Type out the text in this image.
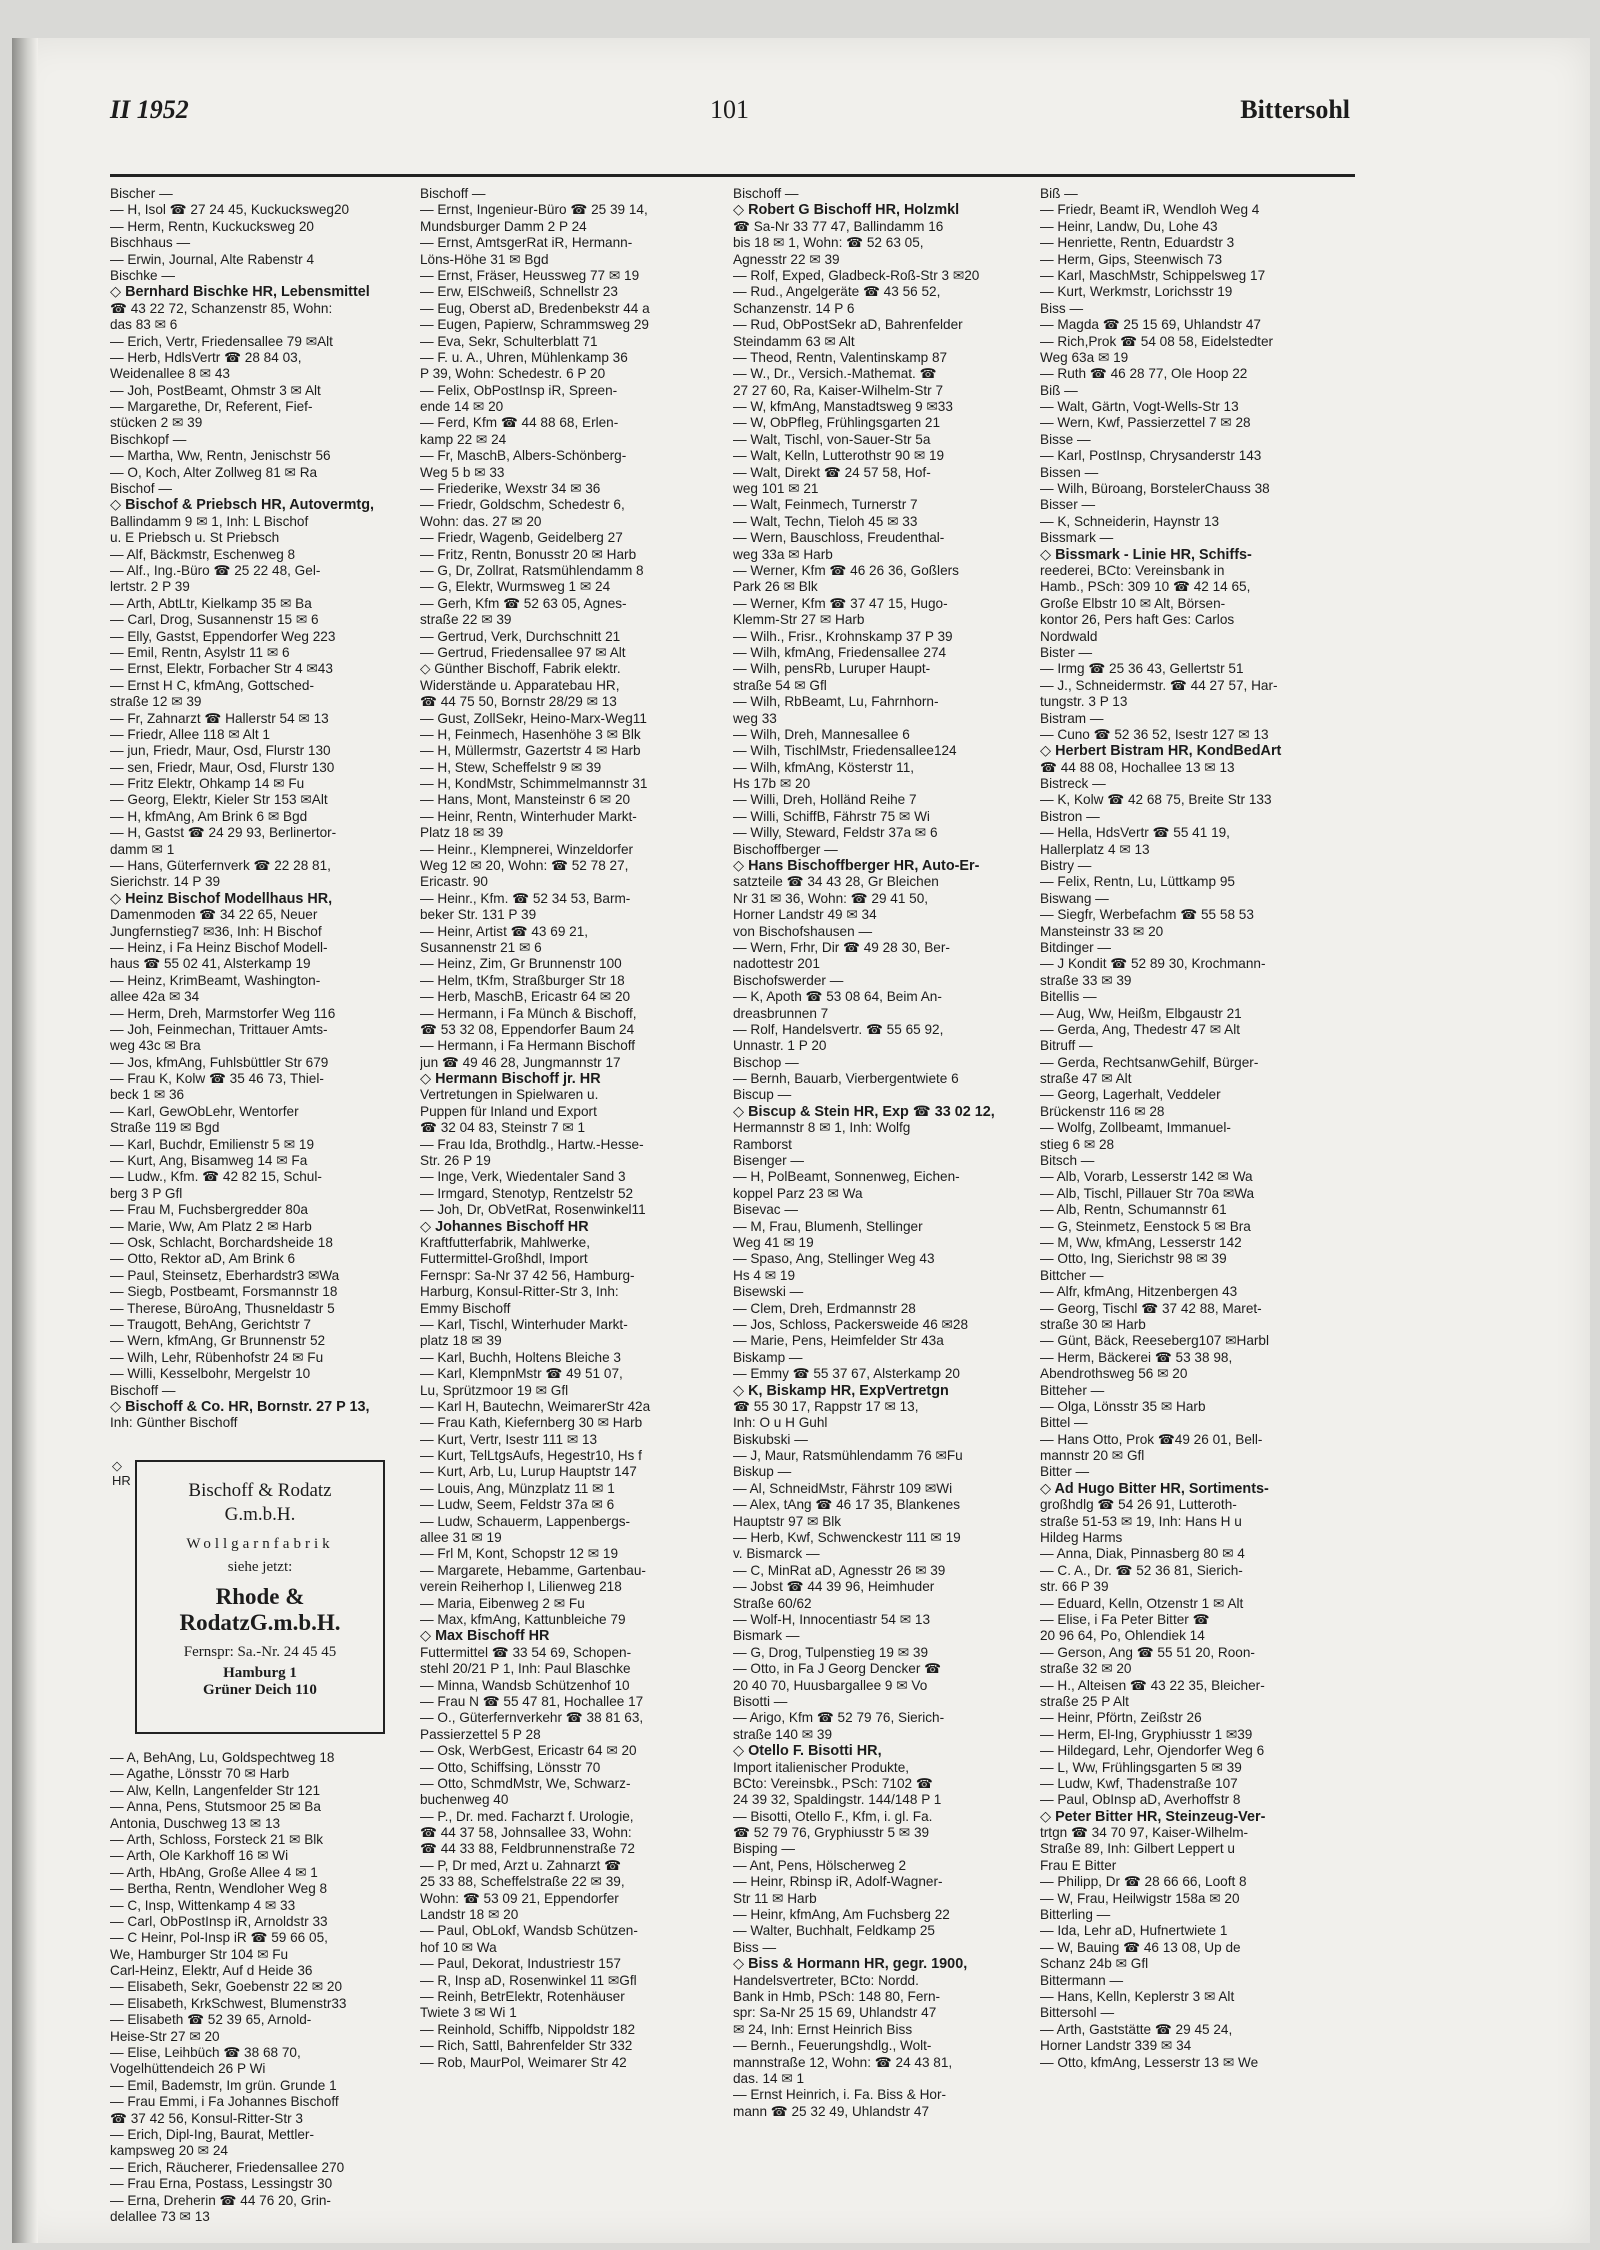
II 1952	101	Bittersohl
Bischer —
— H, Isol ☎ 27 24 45, Kuckucksweg20
— Herm, Rentn, Kuckucksweg 20
Bischhaus —
— Erwin, Journal, Alte Rabenstr 4
Bischke —
◇ Bernhard Bischke HR, Lebensmittel
☎ 43 22 72, Schanzenstr 85, Wohn:
das 83 ✉ 6
— Erich, Vertr, Friedensallee 79 ✉Alt
— Herb, HdlsVertr ☎ 28 84 03,
Weidenallee 8 ✉ 43
— Joh, PostBeamt, Ohmstr 3 ✉ Alt
— Margarethe, Dr, Referent, Fief-
stücken 2 ✉ 39
Bischkopf —
— Martha, Ww, Rentn, Jenischstr 56
— O, Koch, Alter Zollweg 81 ✉ Ra
Bischof —
◇ Bischof & Priebsch HR, Autovermtg,
Ballindamm 9 ✉ 1, Inh: L Bischof
u. E Priebsch u. St Priebsch
— Alf, Bäckmstr, Eschenweg 8
— Alf., Ing.-Büro ☎ 25 22 48, Gel-
lertstr. 2 P 39
— Arth, AbtLtr, Kielkamp 35 ✉ Ba
— Carl, Drog, Susannenstr 15 ✉ 6
— Elly, Gastst, Eppendorfer Weg 223
— Emil, Rentn, Asylstr 11 ✉ 6
— Ernst, Elektr, Forbacher Str 4 ✉43
— Ernst H C, kfmAng, Gottsched-
straße 12 ✉ 39
— Fr, Zahnarzt ☎ Hallerstr 54 ✉ 13
— Friedr, Allee 118 ✉ Alt 1
— jun, Friedr, Maur, Osd, Flurstr 130
— sen, Friedr, Maur, Osd, Flurstr 130
— Fritz Elektr, Ohkamp 14 ✉ Fu
— Georg, Elektr, Kieler Str 153 ✉Alt
— H, kfmAng, Am Brink 6 ✉ Bgd
— H, Gastst ☎ 24 29 93, Berlinertor-
damm ✉ 1
— Hans, Güterfernverk ☎ 22 28 81,
Sierichstr. 14 P 39
◇ Heinz Bischof Modellhaus HR,
Damenmoden ☎ 34 22 65, Neuer
Jungfernstieg7 ✉36, Inh: H Bischof
— Heinz, i Fa Heinz Bischof Modell-
haus ☎ 55 02 41, Alsterkamp 19
— Heinz, KrimBeamt, Washington-
allee 42a ✉ 34
— Herm, Dreh, Marmstorfer Weg 116
— Joh, Feinmechan, Trittauer Amts-
weg 43c ✉ Bra
— Jos, kfmAng, Fuhlsbüttler Str 679
— Frau K, Kolw ☎ 35 46 73, Thiel-
beck 1 ✉ 36
— Karl, GewObLehr, Wentorfer
Straße 119 ✉ Bgd
— Karl, Buchdr, Emilienstr 5 ✉ 19
— Kurt, Ang, Bisamweg 14 ✉ Fa
— Ludw., Kfm. ☎ 42 82 15, Schul-
berg 3 P Gfl
— Frau M, Fuchsbergredder 80a
— Marie, Ww, Am Platz 2 ✉ Harb
— Osk, Schlacht, Borchardsheide 18
— Otto, Rektor aD, Am Brink 6
— Paul, Steinsetz, Eberhardstr3 ✉Wa
— Siegb, Postbeamt, Forsmannstr 18
— Therese, BüroAng, Thusneldastr 5
— Traugott, BehAng, Gerichtstr 7
— Wern, kfmAng, Gr Brunnenstr 52
— Wilh, Lehr, Rübenhofstr 24 ✉ Fu
— Willi, Kesselbohr, Mergelstr 10
Bischoff —
◇ Bischoff & Co. HR, Bornstr. 27 P 13,
Inh: Günther Bischoff
— A, BehAng, Lu, Goldspechtweg 18
— Agathe, Lönsstr 70 ✉ Harb
— Alw, Kelln, Langenfelder Str 121
— Anna, Pens, Stutsmoor 25 ✉ Ba
Antonia, Duschweg 13 ✉ 13
— Arth, Schloss, Forsteck 21 ✉ Blk
— Arth, Ole Karkhoff 16 ✉ Wi
— Arth, HbAng, Große Allee 4 ✉ 1
— Bertha, Rentn, Wendloher Weg 8
— C, Insp, Wittenkamp 4 ✉ 33
— Carl, ObPostInsp iR, Arnoldstr 33
— C Heinr, Pol-Insp iR ☎ 59 66 05,
We, Hamburger Str 104 ✉ Fu
Carl-Heinz, Elektr, Auf d Heide 36
— Elisabeth, Sekr, Goebenstr 22 ✉ 20
— Elisabeth, KrkSchwest, Blumenstr33
— Elisabeth ☎ 52 39 65, Arnold-
Heise-Str 27 ✉ 20
— Elise, Leihbüch ☎ 38 68 70,
Vogelhüttendeich 26 P Wi
— Emil, Bademstr, Im grün. Grunde 1
— Frau Emmi, i Fa Johannes Bischoff
☎ 37 42 56, Konsul-Ritter-Str 3
— Erich, Dipl-Ing, Baurat, Mettler-
kampsweg 20 ✉ 24
— Erich, Räucherer, Friedensallee 270
— Frau Erna, Postass, Lessingstr 30
— Erna, Dreherin ☎ 44 76 20, Grin-
delallee 73 ✉ 13
Bischoff —
— Ernst, Ingenieur-Büro ☎ 25 39 14,
Mundsburger Damm 2 P 24
— Ernst, AmtsgerRat iR, Hermann-
Löns-Höhe 31 ✉ Bgd
— Ernst, Fräser, Heussweg 77 ✉ 19
— Erw, ElSchweiß, Schnellstr 23
— Eug, Oberst aD, Bredenbekstr 44 a
— Eugen, Papierw, Schrammsweg 29
— Eva, Sekr, Schulterblatt 71
— F. u. A., Uhren, Mühlenkamp 36
P 39, Wohn: Schedestr. 6 P 20
— Felix, ObPostInsp iR, Spreen-
ende 14 ✉ 20
— Ferd, Kfm ☎ 44 88 68, Erlen-
kamp 22 ✉ 24
— Fr, MaschB, Albers-Schönberg-
Weg 5 b ✉ 33
— Friederike, Wexstr 34 ✉ 36
— Friedr, Goldschm, Schedestr 6,
Wohn: das. 27 ✉ 20
— Friedr, Wagenb, Geidelberg 27
— Fritz, Rentn, Bonusstr 20 ✉ Harb
— G, Dr, Zollrat, Ratsmühlendamm 8
— G, Elektr, Wurmsweg 1 ✉ 24
— Gerh, Kfm ☎ 52 63 05, Agnes-
straße 22 ✉ 39
— Gertrud, Verk, Durchschnitt 21
— Gertrud, Friedensallee 97 ✉ Alt
◇ Günther Bischoff, Fabrik elektr.
Widerstände u. Apparatebau HR,
☎ 44 75 50, Bornstr 28/29 ✉ 13
— Gust, ZollSekr, Heino-Marx-Weg11
— H, Feinmech, Hasenhöhe 3 ✉ Blk
— H, Müllermstr, Gazertstr 4 ✉ Harb
— H, Stew, Scheffelstr 9 ✉ 39
— H, KondMstr, Schimmelmannstr 31
— Hans, Mont, Mansteinstr 6 ✉ 20
— Heinr, Rentn, Winterhuder Markt-
Platz 18 ✉ 39
— Heinr., Klempnerei, Winzeldorfer
Weg 12 ✉ 20, Wohn: ☎ 52 78 27,
Ericastr. 90
— Heinr., Kfm. ☎ 52 34 53, Barm-
beker Str. 131 P 39
— Heinr, Artist ☎ 43 69 21,
Susannenstr 21 ✉ 6
— Heinz, Zim, Gr Brunnenstr 100
— Helm, tKfm, Straßburger Str 18
— Herb, MaschB, Ericastr 64 ✉ 20
— Hermann, i Fa Münch & Bischoff,
☎ 53 32 08, Eppendorfer Baum 24
— Hermann, i Fa Hermann Bischoff
jun ☎ 49 46 28, Jungmannstr 17
◇ Hermann Bischoff jr. HR
Vertretungen in Spielwaren u.
Puppen für Inland und Export
☎ 32 04 83, Steinstr 7 ✉ 1
— Frau Ida, Brothdlg., Hartw.-Hesse-
Str. 26 P 19
— Inge, Verk, Wiedentaler Sand 3
— Irmgard, Stenotyp, Rentzelstr 52
— Joh, Dr, ObVetRat, Rosenwinkel11
◇ Johannes Bischoff HR
Kraftfutterfabrik, Mahlwerke,
Futtermittel-Großhdl, Import
Fernspr: Sa-Nr 37 42 56, Hamburg-
Harburg, Konsul-Ritter-Str 3, Inh:
Emmy Bischoff
— Karl, Tischl, Winterhuder Markt-
platz 18 ✉ 39
— Karl, Buchh, Holtens Bleiche 3
— Karl, KlempnMstr ☎ 49 51 07,
Lu, Sprützmoor 19 ✉ Gfl
— Karl H, Bautechn, WeimarerStr 42a
— Frau Kath, Kiefernberg 30 ✉ Harb
— Kurt, Vertr, Isestr 111 ✉ 13
— Kurt, TelLtgsAufs, Hegestr10, Hs f
— Kurt, Arb, Lu, Lurup Hauptstr 147
— Louis, Ang, Münzplatz 11 ✉ 1
— Ludw, Seem, Feldstr 37a ✉ 6
— Ludw, Schauerm, Lappenbergs-
allee 31 ✉ 19
— Frl M, Kont, Schopstr 12 ✉ 19
— Margarete, Hebamme, Gartenbau-
verein Reiherhop I, Lilienweg 218
— Maria, Eibenweg 2 ✉ Fu
— Max, kfmAng, Kattunbleiche 79
◇ Max Bischoff HR
Futtermittel ☎ 33 54 69, Schopen-
stehl 20/21 P 1, Inh: Paul Blaschke
— Minna, Wandsb Schützenhof 10
— Frau N ☎ 55 47 81, Hochallee 17
— O., Güterfernverkehr ☎ 38 81 63,
Passierzettel 5 P 28
— Osk, WerbGest, Ericastr 64 ✉ 20
— Otto, Schiffsing, Lönsstr 70
— Otto, SchmdMstr, We, Schwarz-
buchenweg 40
— P., Dr. med. Facharzt f. Urologie,
☎ 44 37 58, Johnsallee 33, Wohn:
☎ 44 33 88, Feldbrunnenstraße 72
— P, Dr med, Arzt u. Zahnarzt ☎
25 33 88, Scheffelstraße 22 ✉ 39,
Wohn: ☎ 53 09 21, Eppendorfer
Landstr 18 ✉ 20
— Paul, ObLokf, Wandsb Schützen-
hof 10 ✉ Wa
— Paul, Dekorat, Industriestr 157
— R, Insp aD, Rosenwinkel 11 ✉Gfl
— Reinh, BetrElektr, Rotenhäuser
Twiete 3 ✉ Wi 1
— Reinhold, Schiffb, Nippoldstr 182
— Rich, Sattl, Bahrenfelder Str 332
— Rob, MaurPol, Weimarer Str 42
Bischoff —
◇ Robert G Bischoff HR, Holzmkl
☎ Sa-Nr 33 77 47, Ballindamm 16
bis 18 ✉ 1, Wohn: ☎ 52 63 05,
Agnesstr 22 ✉ 39
— Rolf, Exped, Gladbeck-Roß-Str 3 ✉20
— Rud., Angelgeräte ☎ 43 56 52,
Schanzenstr. 14 P 6
— Rud, ObPostSekr aD, Bahrenfelder
Steindamm 63 ✉ Alt
— Theod, Rentn, Valentinskamp 87
— W., Dr., Versich.-Mathemat. ☎
27 27 60, Ra, Kaiser-Wilhelm-Str 7
— W, kfmAng, Manstadtsweg 9 ✉33
— W, ObPfleg, Frühlingsgarten 21
— Walt, Tischl, von-Sauer-Str 5a
— Walt, Kelln, Lutterothstr 90 ✉ 19
— Walt, Direkt ☎ 24 57 58, Hof-
weg 101 ✉ 21
— Walt, Feinmech, Turnerstr 7
— Walt, Techn, Tieloh 45 ✉ 33
— Wern, Bauschloss, Freudenthal-
weg 33a ✉ Harb
— Werner, Kfm ☎ 46 26 36, Goßlers
Park 26 ✉ Blk
— Werner, Kfm ☎ 37 47 15, Hugo-
Klemm-Str 27 ✉ Harb
— Wilh., Frisr., Krohnskamp 37 P 39
— Wilh, kfmAng, Friedensallee 274
— Wilh, pensRb, Luruper Haupt-
straße 54 ✉ Gfl
— Wilh, RbBeamt, Lu, Fahrnhorn-
weg 33
— Wilh, Dreh, Mannesallee 6
— Wilh, TischlMstr, Friedensallee124
— Wilh, kfmAng, Kösterstr 11,
Hs 17b ✉ 20
— Willi, Dreh, Holländ Reihe 7
— Willi, SchiffB, Fährstr 75 ✉ Wi
— Willy, Steward, Feldstr 37a ✉ 6
Bischoffberger —
◇ Hans Bischoffberger HR, Auto-Er-
satzteile ☎ 34 43 28, Gr Bleichen
Nr 31 ✉ 36, Wohn: ☎ 29 41 50,
Horner Landstr 49 ✉ 34
von Bischofshausen —
— Wern, Frhr, Dir ☎ 49 28 30, Ber-
nadottestr 201
Bischofswerder —
— K, Apoth ☎ 53 08 64, Beim An-
dreasbrunnen 7
— Rolf, Handelsvertr. ☎ 55 65 92,
Unnastr. 1 P 20
Bischop —
— Bernh, Bauarb, Vierbergentwiete 6
Biscup —
◇ Biscup & Stein HR, Exp ☎ 33 02 12,
Hermannstr 8 ✉ 1, Inh: Wolfg
Ramborst
Bisenger —
— H, PolBeamt, Sonnenweg, Eichen-
koppel Parz 23 ✉ Wa
Bisevac —
— M, Frau, Blumenh, Stellinger
Weg 41 ✉ 19
— Spaso, Ang, Stellinger Weg 43
Hs 4 ✉ 19
Bisewski —
— Clem, Dreh, Erdmannstr 28
— Jos, Schloss, Packersweide 46 ✉28
— Marie, Pens, Heimfelder Str 43a
Biskamp —
— Emmy ☎ 55 37 67, Alsterkamp 20
◇ K, Biskamp HR, ExpVertretgn
☎ 55 30 17, Rappstr 17 ✉ 13,
Inh: O u H Guhl
Biskubski —
— J, Maur, Ratsmühlendamm 76 ✉Fu
Biskup —
— Al, SchneidMstr, Fährstr 109 ✉Wi
— Alex, tAng ☎ 46 17 35, Blankenes
Hauptstr 97 ✉ Blk
— Herb, Kwf, Schwenckestr 111 ✉ 19
v. Bismarck —
— C, MinRat aD, Agnesstr 26 ✉ 39
— Jobst ☎ 44 39 96, Heimhuder
Straße 60/62
— Wolf-H, Innocentiastr 54 ✉ 13
Bismark —
— G, Drog, Tulpenstieg 19 ✉ 39
— Otto, in Fa J Georg Dencker ☎
20 40 70, Huusbargallee 9 ✉ Vo
Bisotti —
— Arigo, Kfm ☎ 52 79 76, Sierich-
straße 140 ✉ 39
◇ Otello F. Bisotti HR,
Import italienischer Produkte,
BCto: Vereinsbk., PSch: 7102 ☎
24 39 32, Spaldingstr. 144/148 P 1
— Bisotti, Otello F., Kfm, i. gl. Fa.
☎ 52 79 76, Gryphiusstr 5 ✉ 39
Bisping —
— Ant, Pens, Hölscherweg 2
— Heinr, Rbinsp iR, Adolf-Wagner-
Str 11 ✉ Harb
— Heinr, kfmAng, Am Fuchsberg 22
— Walter, Buchhalt, Feldkamp 25
Biss —
◇ Biss & Hormann HR, gegr. 1900,
Handelsvertreter, BCto: Nordd.
Bank in Hmb, PSch: 148 80, Fern-
spr: Sa-Nr 25 15 69, Uhlandstr 47
✉ 24, Inh: Ernst Heinrich Biss
— Bernh., Feuerungshdlg., Wolt-
mannstraße 12, Wohn: ☎ 24 43 81,
das. 14 ✉ 1
— Ernst Heinrich, i. Fa. Biss & Hor-
mann ☎ 25 32 49, Uhlandstr 47
Biß —
— Friedr, Beamt iR, Wendloh Weg 4
— Heinr, Landw, Du, Lohe 43
— Henriette, Rentn, Eduardstr 3
— Herm, Gips, Steenwisch 73
— Karl, MaschMstr, Schippelsweg 17
— Kurt, Werkmstr, Lorichsstr 19
Biss —
— Magda ☎ 25 15 69, Uhlandstr 47
— Rich,Prok ☎ 54 08 58, Eidelstedter
Weg 63a ✉ 19
— Ruth ☎ 46 28 77, Ole Hoop 22
Biß —
— Walt, Gärtn, Vogt-Wells-Str 13
— Wern, Kwf, Passierzettel 7 ✉ 28
Bisse —
— Karl, PostInsp, Chrysanderstr 143
Bissen —
— Wilh, Büroang, BorstelerChauss 38
Bisser —
— K, Schneiderin, Haynstr 13
Bissmark —
◇ Bissmark - Linie HR, Schiffs-
reederei, BCto: Vereinsbank in
Hamb., PSch: 309 10 ☎ 42 14 65,
Große Elbstr 10 ✉ Alt, Börsen-
kontor 26, Pers haft Ges: Carlos
Nordwald
Bister —
— Irmg ☎ 25 36 43, Gellertstr 51
— J., Schneidermstr. ☎ 44 27 57, Har-
tungstr. 3 P 13
Bistram —
— Cuno ☎ 52 36 52, Isestr 127 ✉ 13
◇ Herbert Bistram HR, KondBedArt
☎ 44 88 08, Hochallee 13 ✉ 13
Bistreck —
— K, Kolw ☎ 42 68 75, Breite Str 133
Bistron —
— Hella, HdsVertr ☎ 55 41 19,
Hallerplatz 4 ✉ 13
Bistry —
— Felix, Rentn, Lu, Lüttkamp 95
Biswang —
— Siegfr, Werbefachm ☎ 55 58 53
Mansteinstr 33 ✉ 20
Bitdinger —
— J Kondit ☎ 52 89 30, Krochmann-
straße 33 ✉ 39
Bitellis —
— Aug, Ww, Heißm, Elbgaustr 21
— Gerda, Ang, Thedestr 47 ✉ Alt
Bitruff —
— Gerda, RechtsanwGehilf, Bürger-
straße 47 ✉ Alt
— Georg, Lagerhalt, Veddeler
Brückenstr 116 ✉ 28
— Wolfg, Zollbeamt, Immanuel-
stieg 6 ✉ 28
Bitsch —
— Alb, Vorarb, Lesserstr 142 ✉ Wa
— Alb, Tischl, Pillauer Str 70a ✉Wa
— Alb, Rentn, Schumannstr 61
— G, Steinmetz, Eenstock 5 ✉ Bra
— M, Ww, kfmAng, Lesserstr 142
— Otto, Ing, Sierichstr 98 ✉ 39
Bittcher —
— Alfr, kfmAng, Hitzenbergen 43
— Georg, Tischl ☎ 37 42 88, Maret-
straße 30 ✉ Harb
— Günt, Bäck, Reeseberg107 ✉Harbl
— Herm, Bäckerei ☎ 53 38 98,
Abendrothsweg 56 ✉ 20
Bitteher —
— Olga, Lönsstr 35 ✉ Harb
Bittel —
— Hans Otto, Prok ☎49 26 01, Bell-
mannstr 20 ✉ Gfl
Bitter —
◇ Ad Hugo Bitter HR, Sortiments-
großhdlg ☎ 54 26 91, Lutteroth-
straße 51-53 ✉ 19, Inh: Hans H u
Hildeg Harms
— Anna, Diak, Pinnasberg 80 ✉ 4
— C. A., Dr. ☎ 52 36 81, Sierich-
str. 66 P 39
— Eduard, Kelln, Otzenstr 1 ✉ Alt
— Elise, i Fa Peter Bitter ☎
20 96 64, Po, Ohlendiek 14
— Gerson, Ang ☎ 55 51 20, Roon-
straße 32 ✉ 20
— H., Alteisen ☎ 43 22 35, Bleicher-
straße 25 P Alt
— Heinr, Pförtn, Zeißstr 26
— Herm, El-Ing, Gryphiusstr 1 ✉39
— Hildegard, Lehr, Ojendorfer Weg 6
— L, Ww, Frühlingsgarten 5 ✉ 39
— Ludw, Kwf, Thadenstraße 107
— Paul, ObInsp aD, Averhoffstr 8
◇ Peter Bitter HR, Steinzeug-Ver-
trtgn ☎ 34 70 97, Kaiser-Wilhelm-
Straße 89, Inh: Gilbert Leppert u
Frau E Bitter
— Philipp, Dr ☎ 28 66 66, Looft 8
— W, Frau, Heilwigstr 158a ✉ 20
Bitterling —
— Ida, Lehr aD, Hufnertwiete 1
— W, Bauing ☎ 46 13 08, Up de
Schanz 24b ✉ Gfl
Bittermann —
— Hans, Kelln, Keplerstr 3 ✉ Alt
Bittersohl —
— Arth, Gaststätte ☎ 29 45 24,
Horner Landstr 339 ✉ 34
— Otto, kfmAng, Lesserstr 13 ✉ We
◇
HR	Bischoff & Rodatz
G.m.b.H.
Wollgarnfabrik
siehe jetzt:
Rhode & RodatzG.m.b.H.
Fernspr: Sa.-Nr. 24 45 45
Hamburg 1
Grüner Deich 110
